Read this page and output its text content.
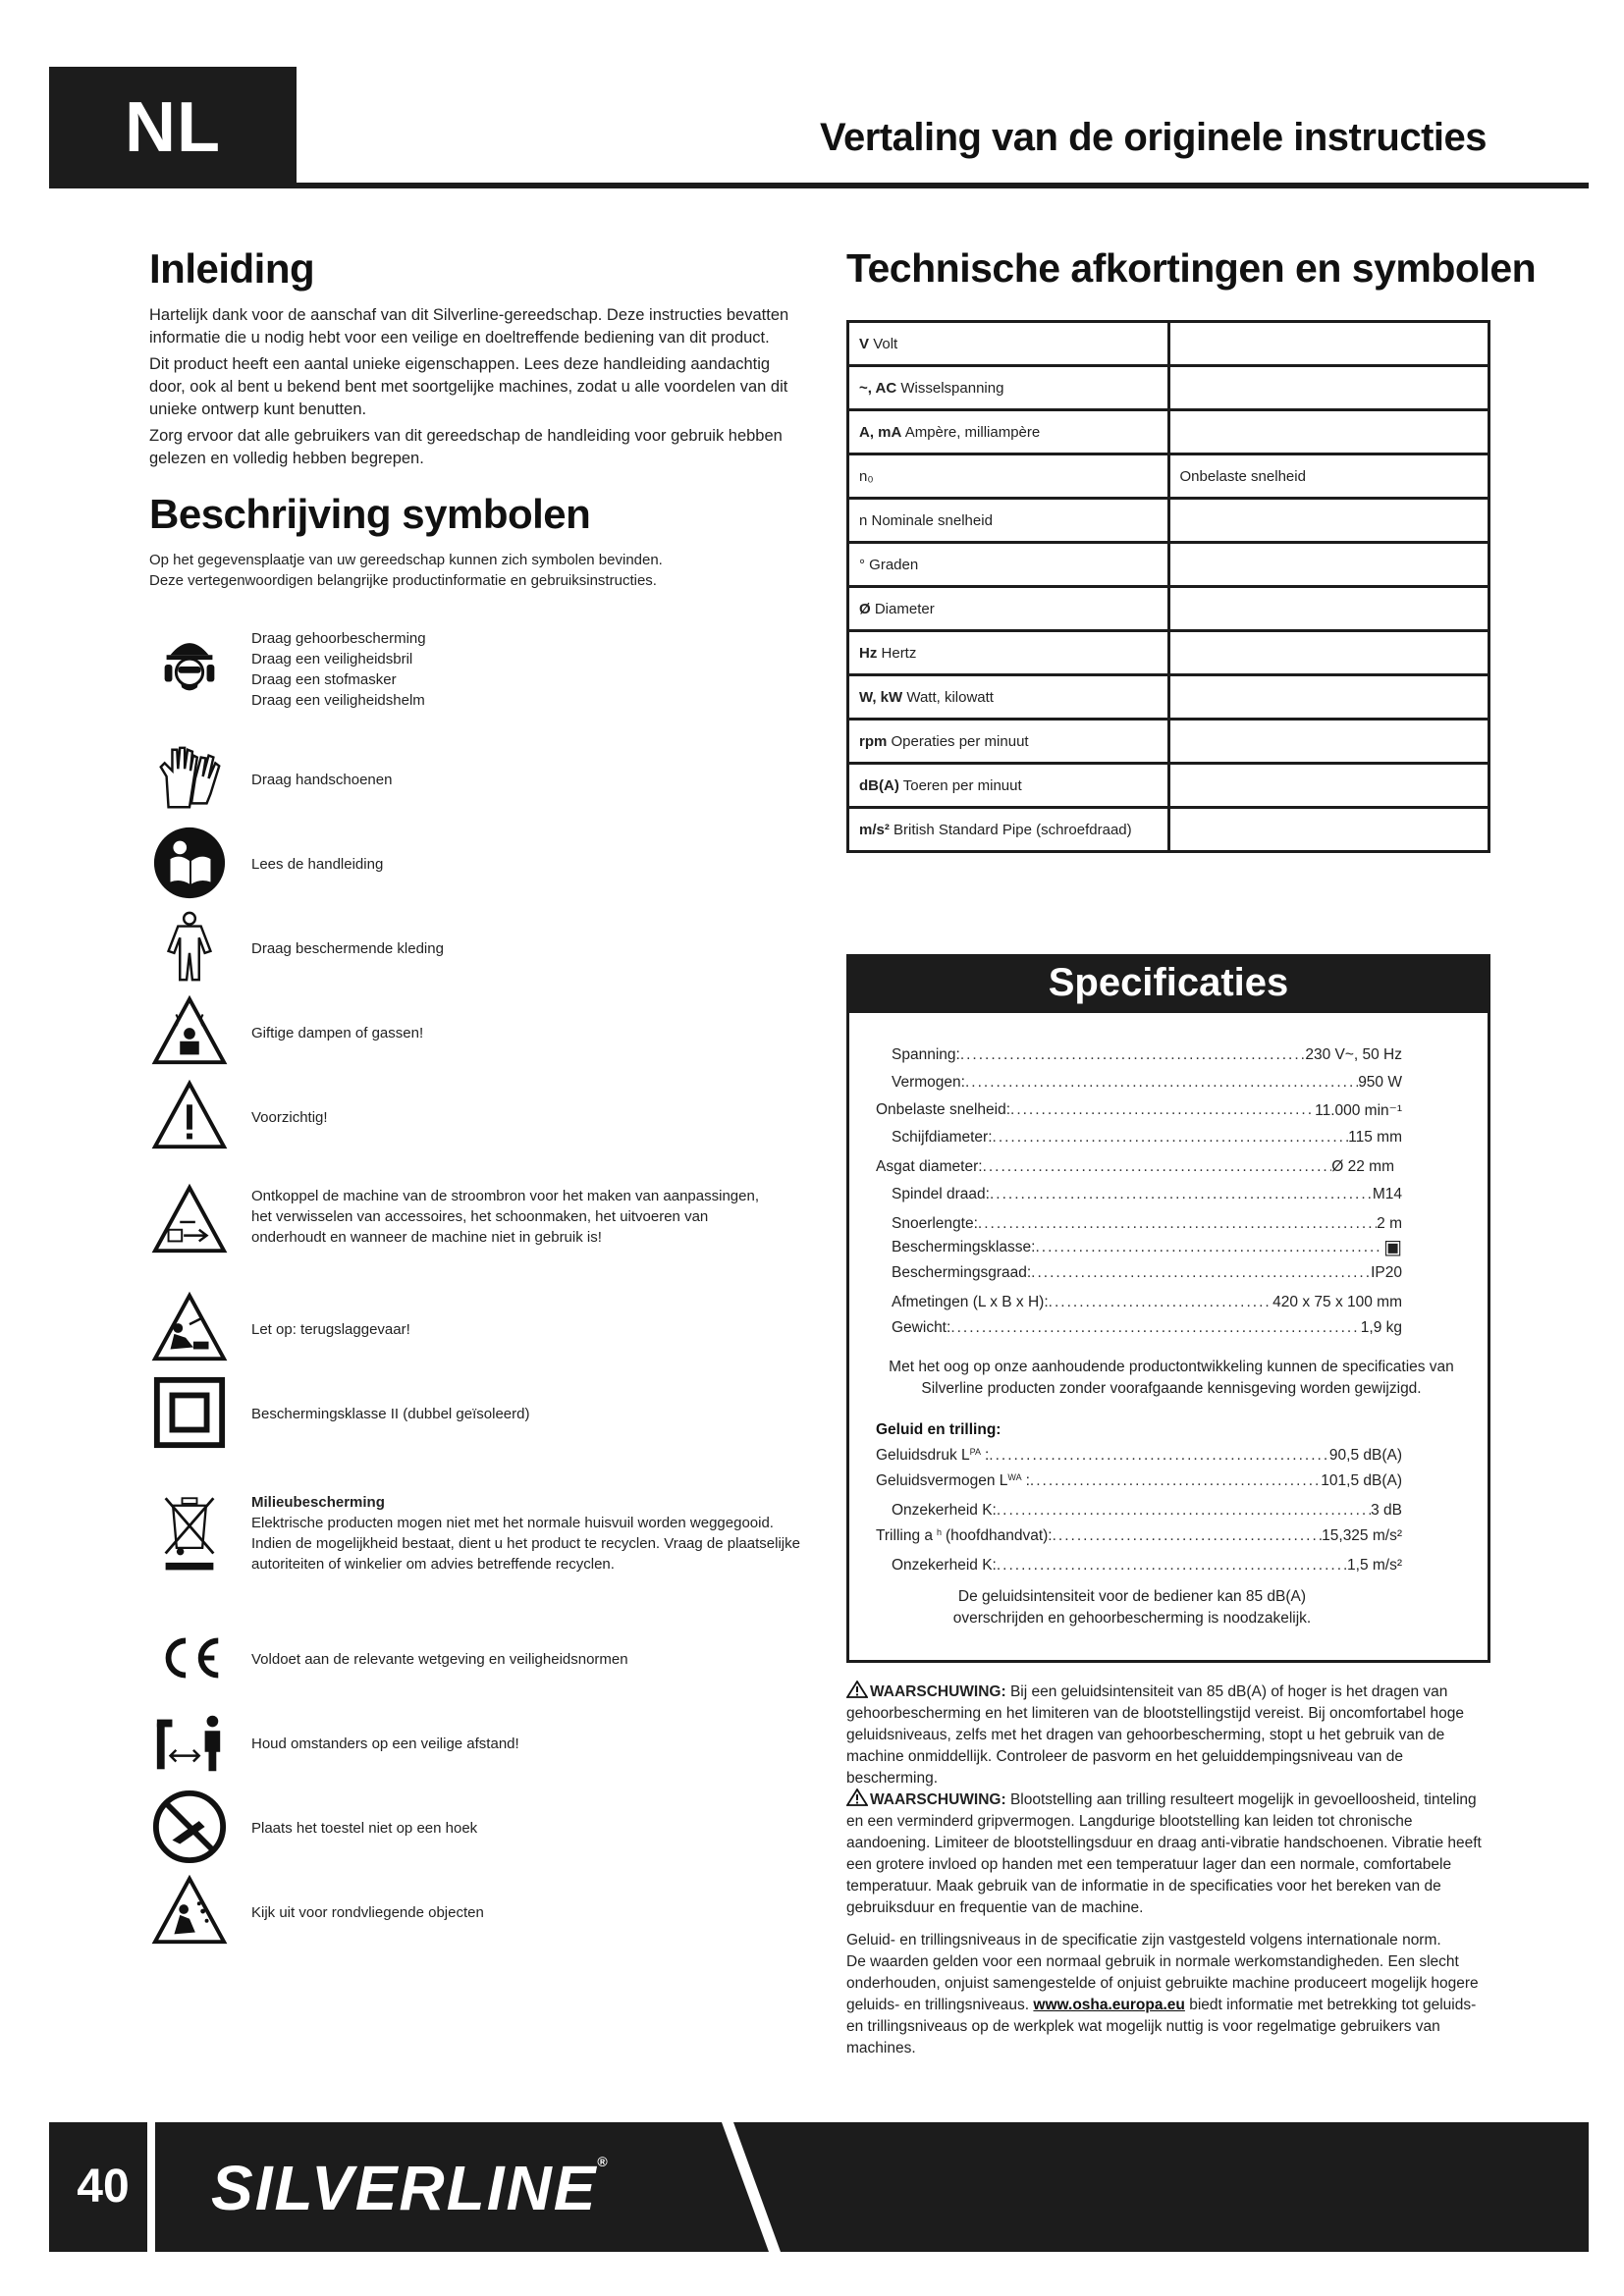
NL	Vertaling van de originele instructies
Inleiding

Hartelijk dank voor de aanschaf van dit Silverline-gereedschap. Deze instructies bevatten informatie die u nodig hebt voor een veilige en doeltreffende bediening van dit product.

Dit product heeft een aantal unieke eigenschappen. Lees deze handleiding aandachtig door, ook al bent u bekend bent met soortgelijke machines, zodat u alle voordelen van dit unieke ontwerp kunt benutten.

Zorg ervoor dat alle gebruikers van dit gereedschap de handleiding voor gebruik hebben gelezen en volledig hebben begrepen.

Beschrijving symbolen
Op het gegevensplaatje van uw gereedschap kunnen zich symbolen bevinden. Deze vertegenwoordigen belangrijke productinformatie en gebruiksinstructies.
Draag gehoorbescherming
Draag een veiligheidsbril
Draag een stofmasker
Draag een veiligheidshelm
Draag handschoenen
Lees de handleiding
Draag beschermende kleding
Giftige dampen of gassen!
Voorzichtig!
Ontkoppel de machine van de stroombron voor het maken van aanpassingen, het verwisselen van accessoires, het schoonmaken, het uitvoeren van onderhoudt en wanneer de machine niet in gebruik is!
Let op: terugslaggevaar!
Beschermingsklasse II (dubbel geïsoleerd)
Milieubescherming
Elektrische producten mogen niet met het normale huisvuil worden weggegooid. Indien de mogelijkheid bestaat, dient u het product te recyclen. Vraag de plaatselijke autoriteiten of winkelier om advies betreffende recyclen.
Voldoet aan de relevante wetgeving en veiligheidsnormen
Houd omstanders op een veilige afstand!
Plaats het toestel niet op een hoek
Kijk uit voor rondvliegende objecten
Technische afkortingen en symbolen
V Volt	
~, AC Wisselspanning	
A, mA Ampère, milliampère	
n₀	Onbelaste snelheid
n Nominale snelheid	
° Graden	
Ø Diameter	
Hz Hertz	
W, kW Watt, kilowatt	
rpm Operaties per minuut	
dB(A) Toeren per minuut	
m/s² British Standard Pipe (schroefdraad)	
Specificaties
Spanning: .....	230 V~, 50 Hz
Vermogen: .....	950 W
Onbelaste snelheid: .....	11.000 min⁻¹
Schijfdiameter: .....	115 mm
Asgat diameter: .....	Ø 22 mm
Spindel draad: .....	M14
Snoerlengte: .....	2 m
Beschermingsklasse: .....	▣
Beschermingsgraad: .....	IP20
Afmetingen (L x B x H): .....	420 x 75 x 100 mm
Gewicht: .....	1,9 kg
Met het oog op onze aanhoudende productontwikkeling kunnen de specificaties van Silverline producten zonder voorafgaande kennisgeving worden gewijzigd.
Geluid en trilling:
Geluidsdruk L PA : .....	90,5 dB(A)
Geluidsvermogen L WA : .....	101,5 dB(A)
Onzekerheid K: .....	3 dB
Trilling a h (hoofdhandvat): .....	15,325 m/s²
Onzekerheid K: .....	1,5 m/s²
De geluidsintensiteit voor de bediener kan 85 dB(A) overschrijden en gehoorbescherming is noodzakelijk.
WAARSCHUWING: Bij een geluidsintensiteit van 85 dB(A) of hoger is het dragen van gehoorbescherming en het limiteren van de blootstellingstijd vereist. Bij oncomfortabel hoge geluidsniveaus, zelfs met het dragen van gehoorbescherming, stopt u het gebruik van de machine onmiddellijk. Controleer de pasvorm en het geluiddempingsniveau van de bescherming.
WAARSCHUWING: Blootstelling aan trilling resulteert mogelijk in gevoelloosheid, tinteling en een verminderd gripvermogen. Langdurige blootstelling kan leiden tot chronische aandoening. Limiteer de blootstellingsduur en draag anti-vibratie handschoenen. Vibratie heeft een grotere invloed op handen met een temperatuur lager dan een normale, comfortabele temperatuur. Maak gebruik van de informatie in de specificaties voor het bereken van de gebruiksduur en frequentie van de machine.
Geluid- en trillingsniveaus in de specificatie zijn vastgesteld volgens internationale norm.
De waarden gelden voor een normaal gebruik in normale werkomstandigheden. Een slecht onderhouden, onjuist samengestelde of onjuist gebruikte machine produceert mogelijk hogere geluids- en trillingsniveaus. www.osha.europa.eu biedt informatie met betrekking tot geluids- en trillingsniveaus op de werkplek wat mogelijk nuttig is voor regelmatige gebruikers van machines.
40	SILVERLINE®
